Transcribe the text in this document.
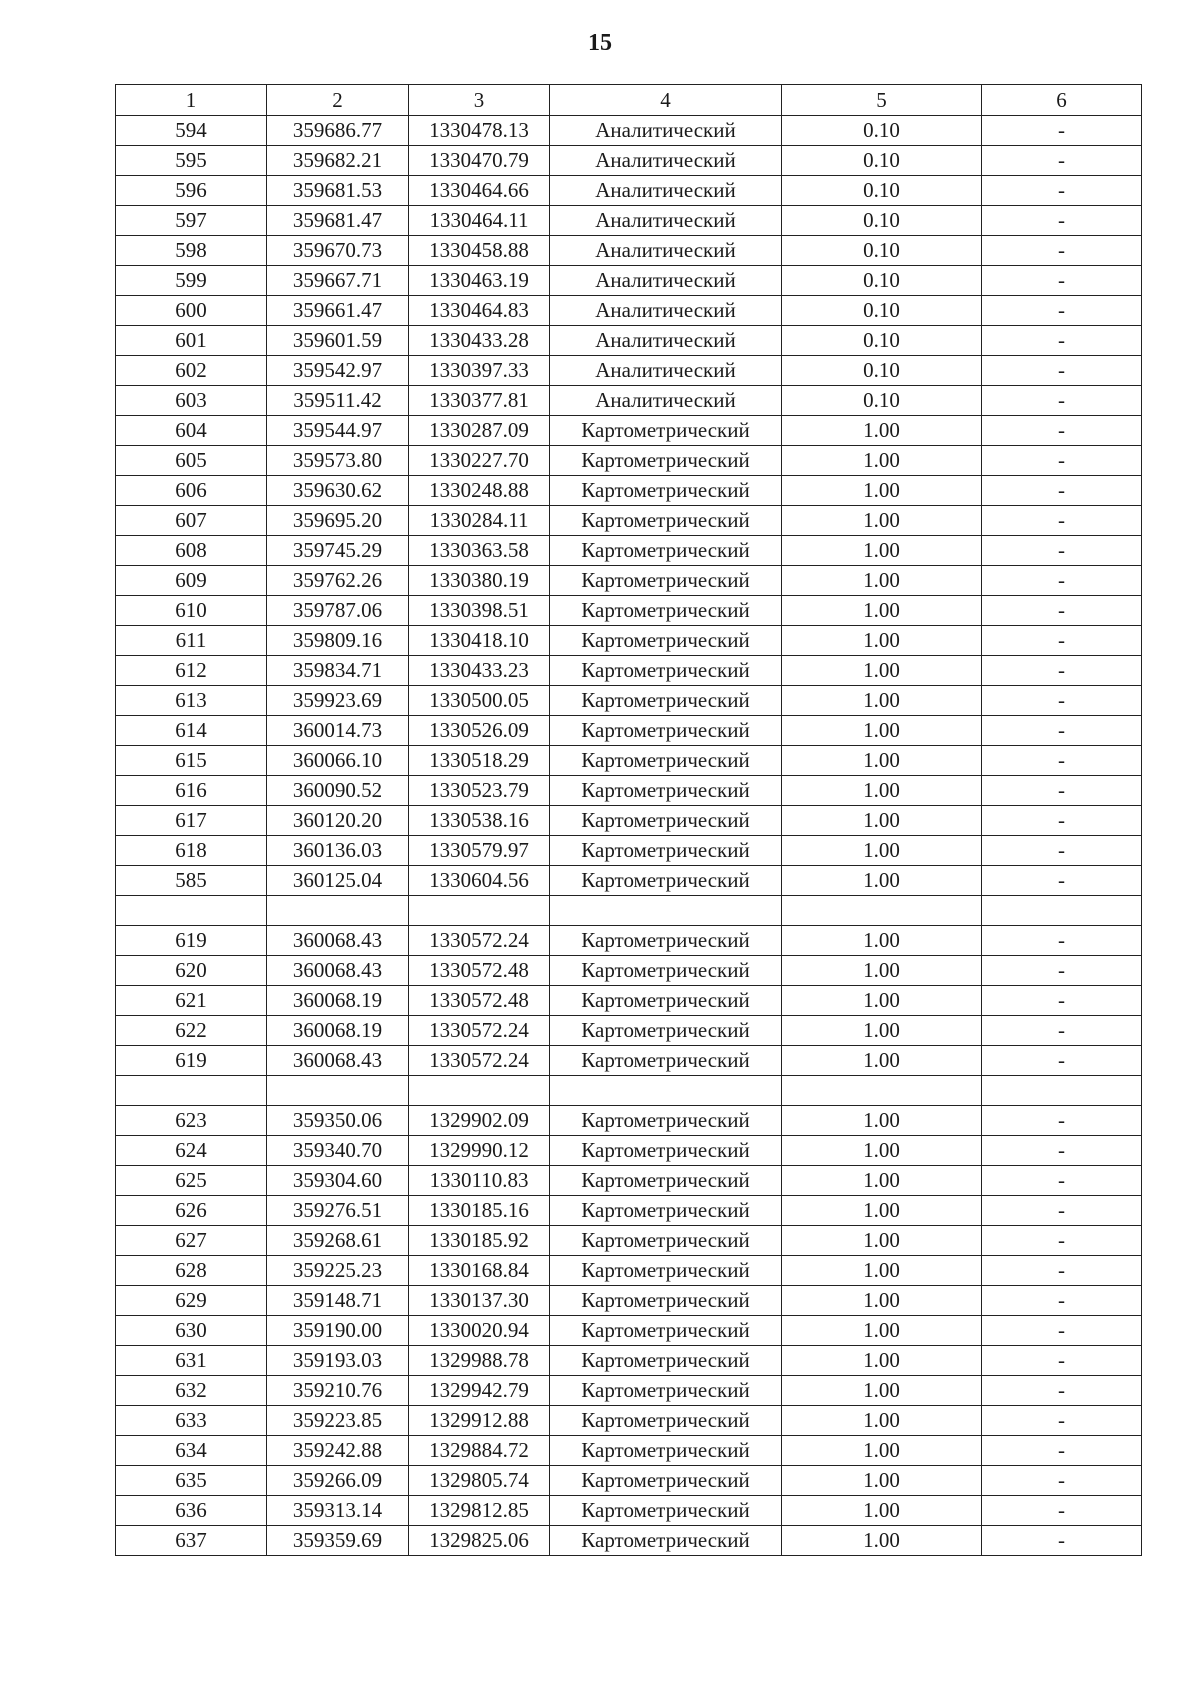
15
1	2	3	4	5	6
594	359686.77	1330478.13	Аналитический	0.10	-
595	359682.21	1330470.79	Аналитический	0.10	-
596	359681.53	1330464.66	Аналитический	0.10	-
597	359681.47	1330464.11	Аналитический	0.10	-
598	359670.73	1330458.88	Аналитический	0.10	-
599	359667.71	1330463.19	Аналитический	0.10	-
600	359661.47	1330464.83	Аналитический	0.10	-
601	359601.59	1330433.28	Аналитический	0.10	-
602	359542.97	1330397.33	Аналитический	0.10	-
603	359511.42	1330377.81	Аналитический	0.10	-
604	359544.97	1330287.09	Картометрический	1.00	-
605	359573.80	1330227.70	Картометрический	1.00	-
606	359630.62	1330248.88	Картометрический	1.00	-
607	359695.20	1330284.11	Картометрический	1.00	-
608	359745.29	1330363.58	Картометрический	1.00	-
609	359762.26	1330380.19	Картометрический	1.00	-
610	359787.06	1330398.51	Картометрический	1.00	-
611	359809.16	1330418.10	Картометрический	1.00	-
612	359834.71	1330433.23	Картометрический	1.00	-
613	359923.69	1330500.05	Картометрический	1.00	-
614	360014.73	1330526.09	Картометрический	1.00	-
615	360066.10	1330518.29	Картометрический	1.00	-
616	360090.52	1330523.79	Картометрический	1.00	-
617	360120.20	1330538.16	Картометрический	1.00	-
618	360136.03	1330579.97	Картометрический	1.00	-
585	360125.04	1330604.56	Картометрический	1.00	-

619	360068.43	1330572.24	Картометрический	1.00	-
620	360068.43	1330572.48	Картометрический	1.00	-
621	360068.19	1330572.48	Картометрический	1.00	-
622	360068.19	1330572.24	Картометрический	1.00	-
619	360068.43	1330572.24	Картометрический	1.00	-

623	359350.06	1329902.09	Картометрический	1.00	-
624	359340.70	1329990.12	Картометрический	1.00	-
625	359304.60	1330110.83	Картометрический	1.00	-
626	359276.51	1330185.16	Картометрический	1.00	-
627	359268.61	1330185.92	Картометрический	1.00	-
628	359225.23	1330168.84	Картометрический	1.00	-
629	359148.71	1330137.30	Картометрический	1.00	-
630	359190.00	1330020.94	Картометрический	1.00	-
631	359193.03	1329988.78	Картометрический	1.00	-
632	359210.76	1329942.79	Картометрический	1.00	-
633	359223.85	1329912.88	Картометрический	1.00	-
634	359242.88	1329884.72	Картометрический	1.00	-
635	359266.09	1329805.74	Картометрический	1.00	-
636	359313.14	1329812.85	Картометрический	1.00	-
637	359359.69	1329825.06	Картометрический	1.00	-
